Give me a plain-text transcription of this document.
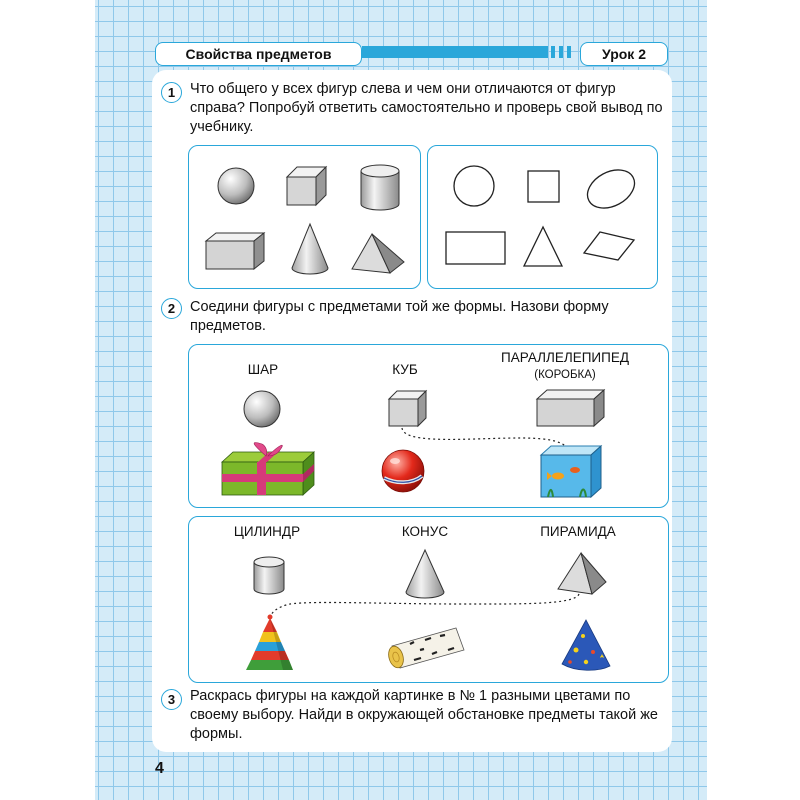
Свойства предметов	Урок 2
1	Что общего у всех фигур слева и чем они отличаются от фигур справа? Попробуй ответить самостоятельно и проверь свой вывод по учебнику.

2	Соедини фигуры с предметами той же формы. Назови форму предметов.

ШАР	КУБ
ПАРАЛЛЕЛЕПИПЕД
(КОРОБКА)
ЦИЛИНДР	КОНУС	ПИРАМИДА
3	Раскрась фигуры на каждой картинке в № 1 разными цветами по своему выбору. Найди в окружающей обстановке предметы такой же формы.

4
